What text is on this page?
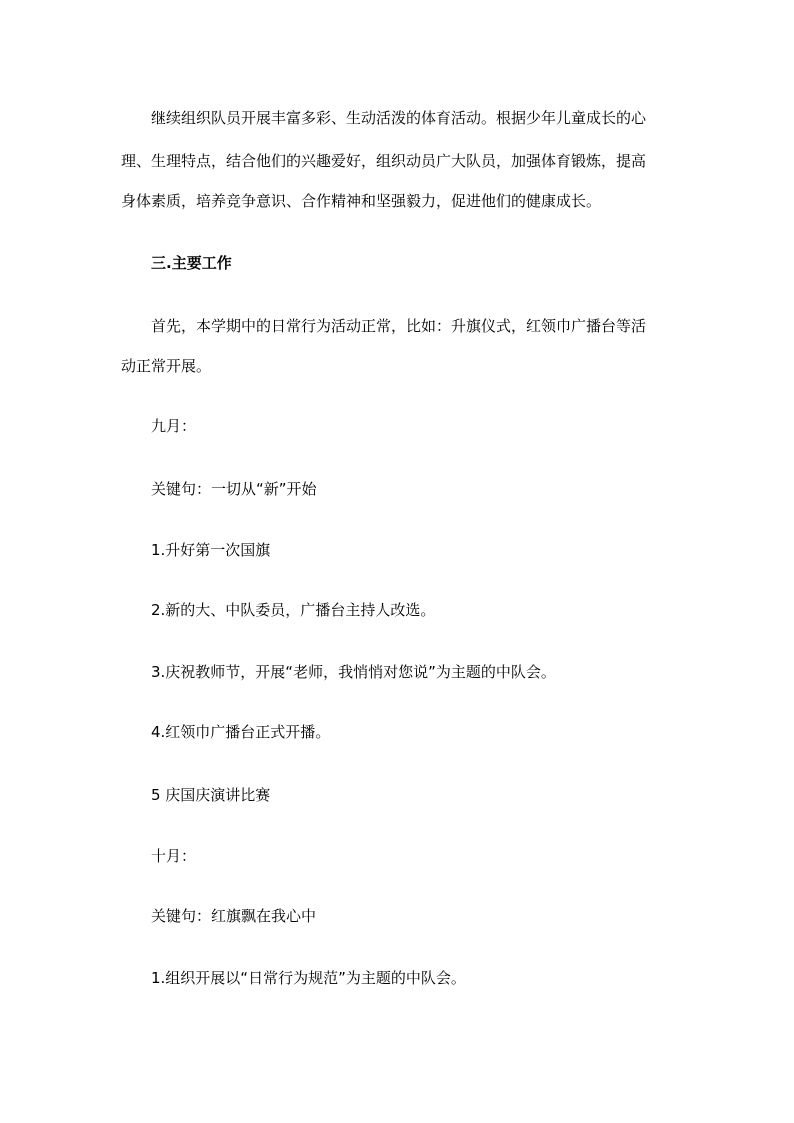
继续组织队员开展丰富多彩、生动活泼的体育活动。根据少年儿童成长的心
理、生理特点，结合他们的兴趣爱好，组织动员广大队员，加强体育锻炼，提高
身体素质，培养竞争意识、合作精神和坚强毅力，促进他们的健康成长。
三.主要工作
首先，本学期中的日常行为活动正常，比如：升旗仪式，红领巾广播台等活
动正常开展。
九月：
关键句：一切从“新”开始
1.升好第一次国旗
2.新的大、中队委员，广播台主持人改选。
3.庆祝教师节，开展“老师，我悄悄对您说”为主题的中队会。
4.红领巾广播台正式开播。
5 庆国庆演讲比赛
十月：
关键句：红旗飘在我心中
1.组织开展以“日常行为规范”为主题的中队会。
